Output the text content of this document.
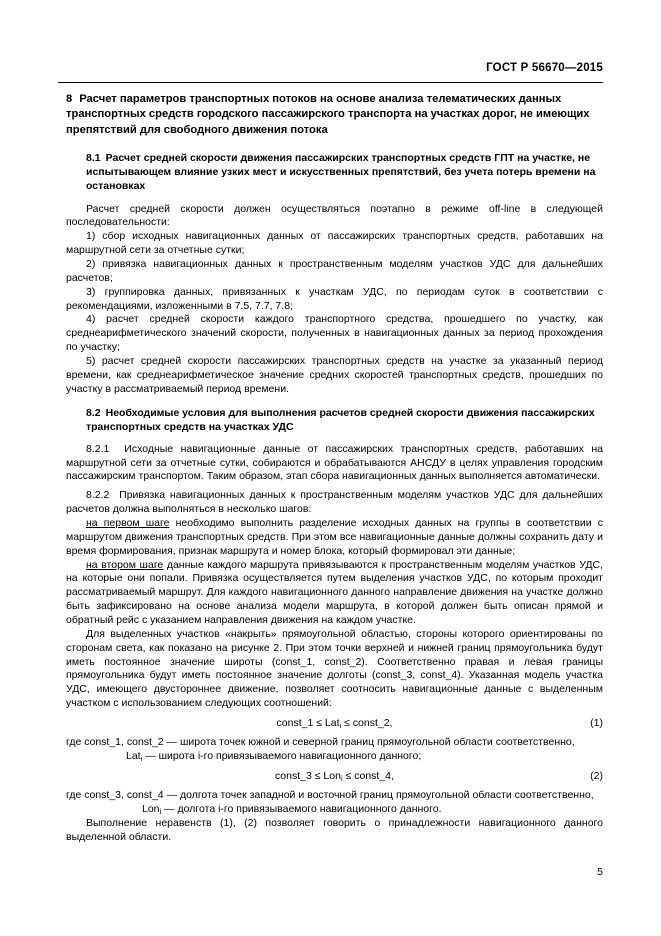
ГОСТ Р 56670—2015
8 Расчет параметров транспортных потоков на основе анализа телематических данных транспортных средств городского пассажирского транспорта на участках дорог, не имеющих препятствий для свободного движения потока
8.1 Расчет средней скорости движения пассажирских транспортных средств ГПТ на участке, не испытывающем влияние узких мест и искусственных препятствий, без учета потерь времени на остановках

Расчет средней скорости должен осуществляться поэтапно в режиме off-line в следующей последовательности:

1) сбор исходных навигационных данных от пассажирских транспортных средств, работавших на маршрутной сети за отчетные сутки;

2) привязка навигационных данных к пространственным моделям участков УДС для дальнейших расчетов;

3) группировка данных, привязанных к участкам УДС, по периодам суток в соответствии с рекомендациями, изложенными в 7.5, 7.7, 7.8;

4) расчет средней скорости каждого транспортного средства, прошедшего по участку, как среднеарифметического значений скорости, полученных в навигационных данных за период прохождения по участку;

5) расчет средней скорости пассажирских транспортных средств на участке за указанный период времени, как среднеарифметическое значение средних скоростей транспортных средств, прошедших по участку в рассматриваемый период времени.

8.2 Необходимые условия для выполнения расчетов средней скорости движения пассажирских транспортных средств на участках УДС

8.2.1 Исходные навигационные данные от пассажирских транспортных средств, работавших на маршрутной сети за отчетные сутки, собираются и обрабатываются АНСДУ в целях управления городским пассажирским транспортом. Таким образом, этап сбора навигационных данных выполняется автоматически.

8.2.2 Привязка навигационных данных к пространственным моделям участков УДС для дальнейших расчетов должна выполняться в несколько шагов:

на первом шаге необходимо выполнить разделение исходных данных на группы в соответствии с маршрутом движения транспортных средств. При этом все навигационные данные должны сохранить дату и время формирования, признак маршрута и номер блока, который формировал эти данные;

на втором шаге данные каждого маршрута привязываются к пространственным моделям участков УДС, на которые они попали. Привязка осуществляется путем выделения участков УДС, по которым проходит рассматриваемый маршрут. Для каждого навигационного данного направление движения на участке должно быть зафиксировано на основе анализа модели маршрута, в которой должен быть описан прямой и обратный рейс с указанием направления движения на каждом участке.

Для выделенных участков «накрыть» прямоугольной областью, стороны которого ориентированы по сторонам света, как показано на рисунке 2. При этом точки верхней и нижней границ прямоугольника будут иметь постоянное значение широты (const_1, const_2). Соответственно правая и левая границы прямоугольника будут иметь постоянное значение долготы (const_3, const_4). Указанная модель участка УДС, имеющего двустороннее движение, позволяет соотносить навигационные данные с выделенным участком с использованием следующих соотношений:

const_1 ≤ Lat$_i$ ≤ const_2,	(1)

где const_1, const_2 — широта точек южной и северной границ прямоугольной области соответственно,

Lat$_i$ — широта i-го привязываемого навигационного данного;

const_3 ≤ Lon$_i$ ≤ const_4,	(2)

где const_3, const_4 — долгота точек западной и восточной границ прямоугольной области соответственно,

Lon$_i$ — долгота i-го привязываемого навигационного данного.

Выполнение неравенств (1), (2) позволяет говорить о принадлежности навигационного данного выделенной области.

5
